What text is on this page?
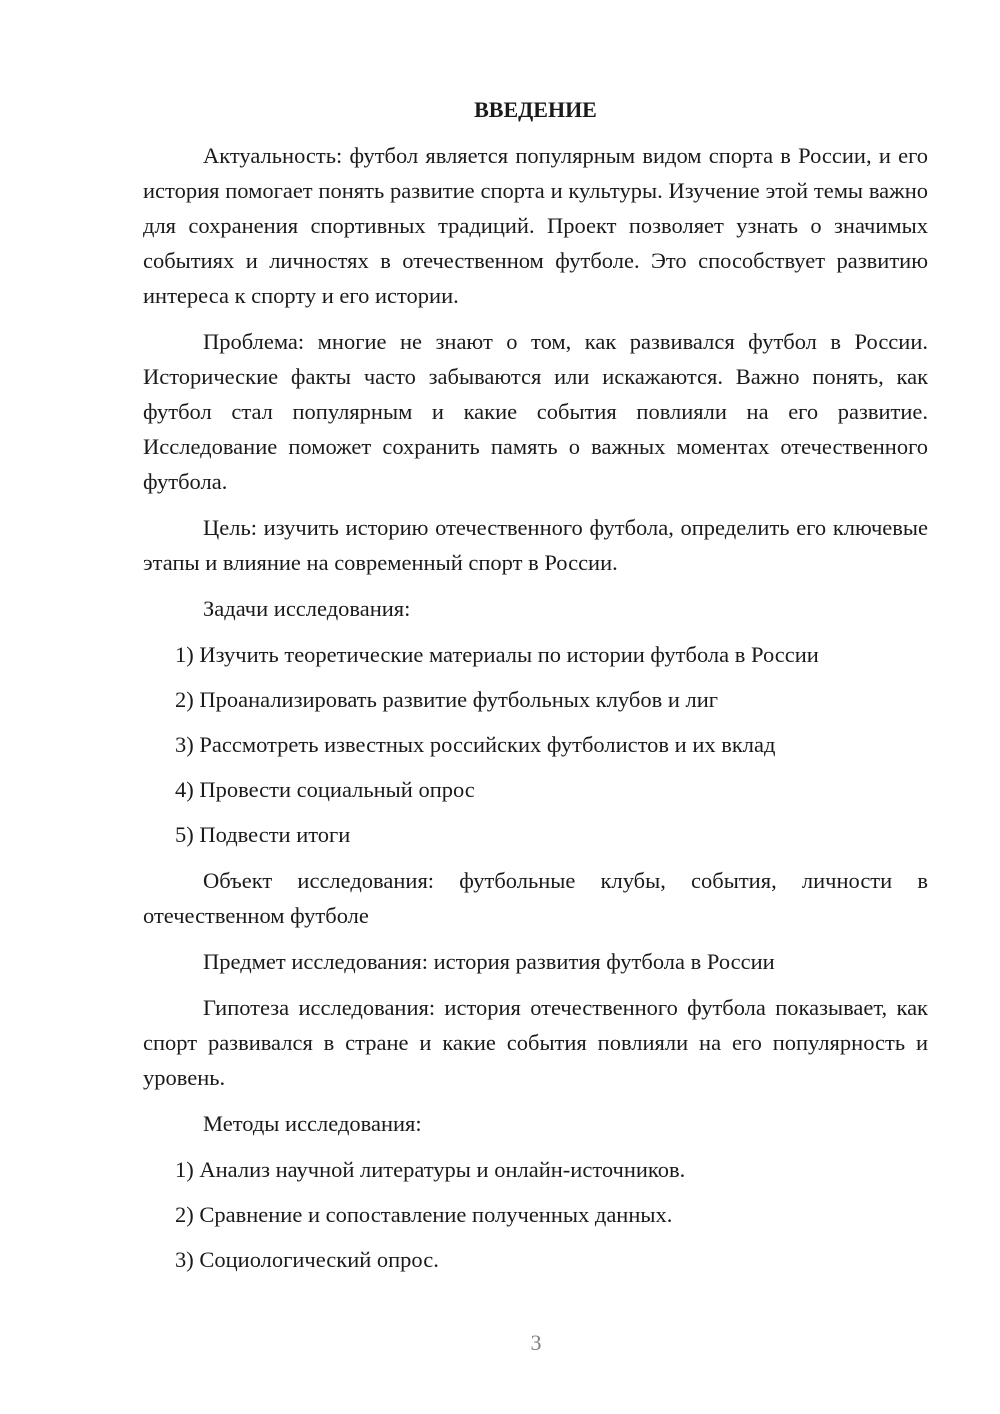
ВВЕДЕНИЕ

Актуальность: футбол является популярным видом спорта в России, и его история помогает понять развитие спорта и культуры. Изучение этой темы важно для сохранения спортивных традиций. Проект позволяет узнать о значимых событиях и личностях в отечественном футболе. Это способствует развитию интереса к спорту и его истории.

Проблема: многие не знают о том, как развивался футбол в России. Исторические факты часто забываются или искажаются. Важно понять, как футбол стал популярным и какие события повлияли на его развитие. Исследование поможет сохранить память о важных моментах отечественного футбола.

Цель: изучить историю отечественного футбола, определить его ключевые этапы и влияние на современный спорт в России.

Задачи исследования:

1) Изучить теоретические материалы по истории футбола в России
2) Проанализировать развитие футбольных клубов и лиг
3) Рассмотреть известных российских футболистов и их вклад
4) Провести социальный опрос
5) Подвести итоги

Объект исследования: футбольные клубы, события, личности в отечественном футболе

Предмет исследования: история развития футбола в России

Гипотеза исследования: история отечественного футбола показывает, как спорт развивался в стране и какие события повлияли на его популярность и уровень.

Методы исследования:

1) Анализ научной литературы и онлайн-источников.
2) Сравнение и сопоставление полученных данных.
3) Социологический опрос.
3
